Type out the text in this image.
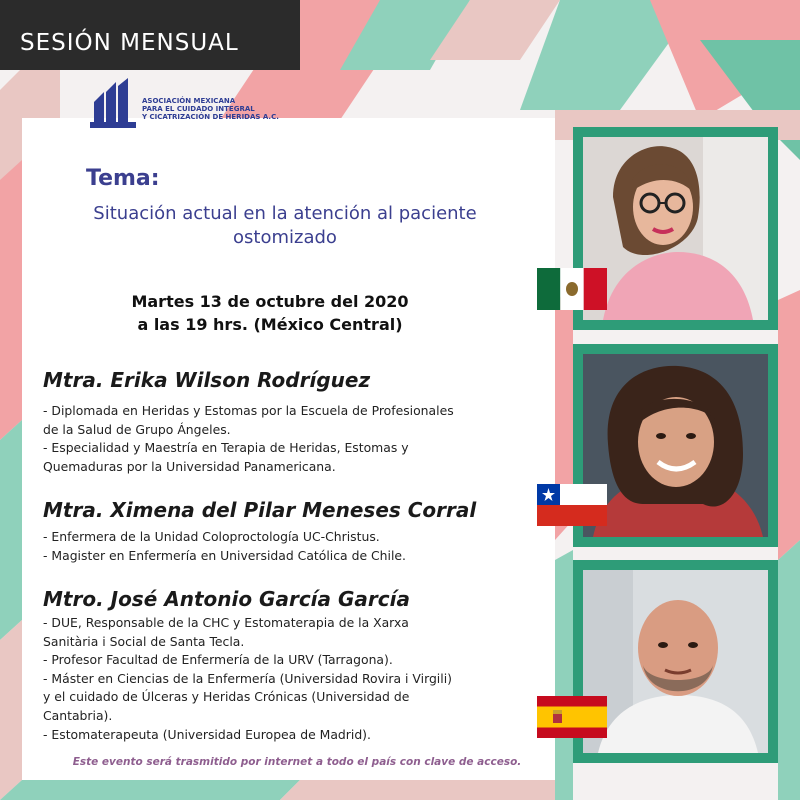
SESIÓN MENSUAL
ASOCIACIÓN MEXICANA
PARA EL CUIDADO INTEGRAL
Y CICATRIZACIÓN DE HERIDAS A.C.
Tema:
Situación actual en la atención al paciente
ostomizado
Martes 13 de octubre del 2020
a las 19 hrs. (México Central)
Mtra. Erika Wilson Rodríguez
- Diplomada en Heridas y Estomas por la Escuela de Profesionales
de la Salud de Grupo Ángeles.
- Especialidad y Maestría en Terapia de Heridas, Estomas y
Quemaduras por la Universidad Panamericana.
Mtra. Ximena del Pilar Meneses Corral
- Enfermera de la Unidad Coloproctología UC-Christus.
- Magister en Enfermería en Universidad Católica de Chile.
Mtro. José Antonio García García
- DUE, Responsable de la CHC y Estomaterapia de la Xarxa
Sanitària i Social de Santa Tecla.
- Profesor Facultad de Enfermería de la URV (Tarragona).
- Máster en Ciencias de la Enfermería (Universidad Rovira i Virgili)
y el cuidado de Úlceras y Heridas Crónicas (Universidad de
Cantabria).
- Estomaterapeuta (Universidad Europea de Madrid).
Este evento será trasmitido por internet a todo el país con clave de acceso.
